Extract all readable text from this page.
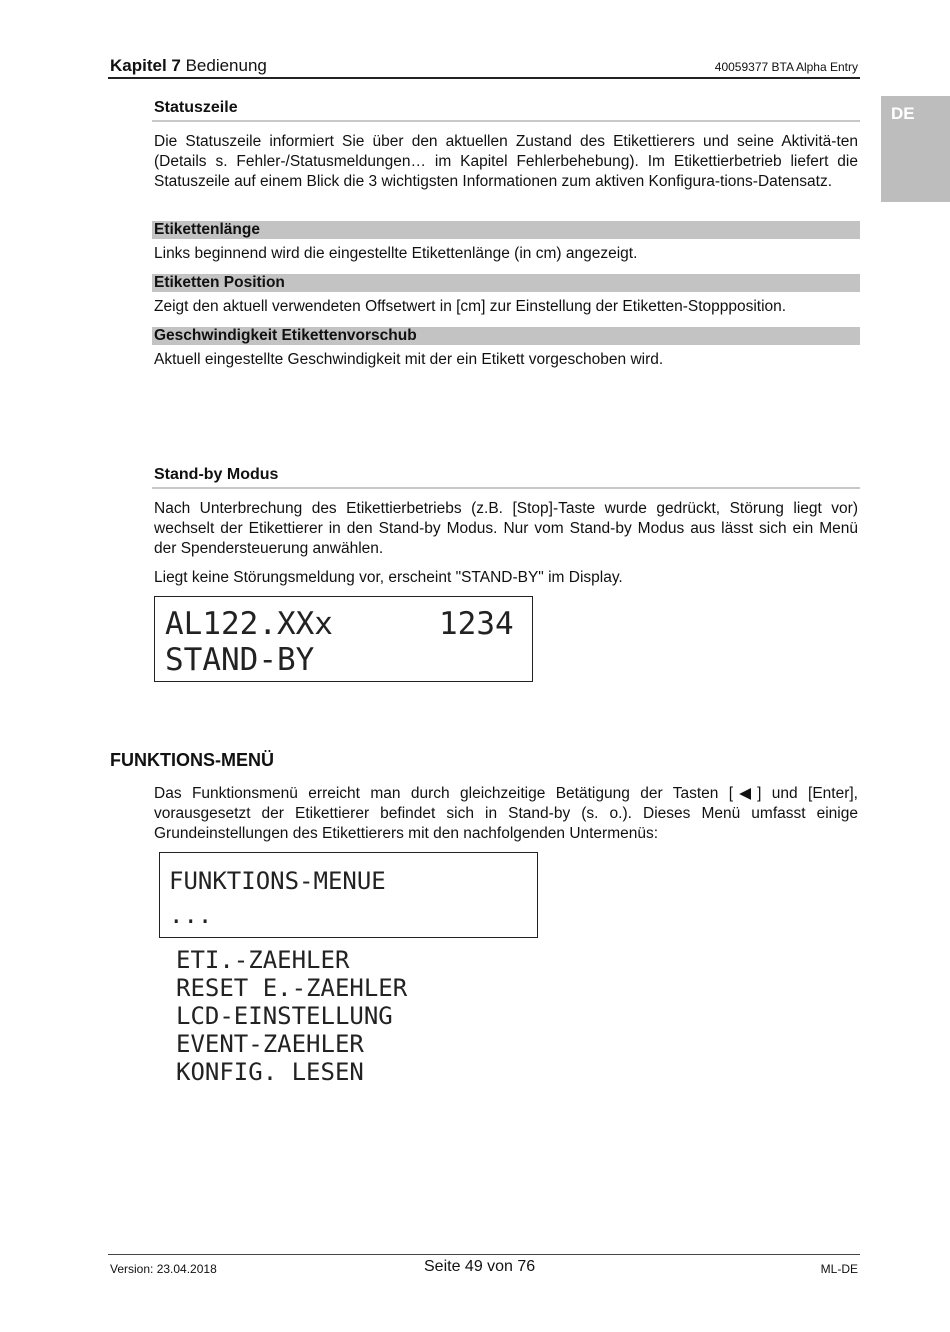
Kapitel 7 Bedienung	40059377 BTA Alpha Entry
DE
Statuszeile
Die Statuszeile informiert Sie über den aktuellen Zustand des Etikettierers und seine Aktivitä-ten (Details s. Fehler-/Statusmeldungen… im Kapitel Fehlerbehebung). Im Etikettierbetrieb liefert die Statuszeile auf einem Blick die 3 wichtigsten Informationen zum aktiven Konfigura-tions-Datensatz.
Etikettenlänge
Links beginnend wird die eingestellte Etikettenlänge (in cm) angezeigt.
Etiketten Position
Zeigt den aktuell verwendeten Offsetwert in [cm] zur Einstellung der Etiketten-Stoppposition.
Geschwindigkeit Etikettenvorschub
Aktuell eingestellte Geschwindigkeit mit der ein Etikett vorgeschoben wird.
Stand-by Modus
Nach Unterbrechung des Etikettierbetriebs (z.B. [Stop]-Taste wurde gedrückt, Störung liegt vor) wechselt der Etikettierer in den Stand-by Modus. Nur vom Stand-by Modus aus lässt sich ein Menü der Spendersteuerung anwählen.
Liegt keine Störungsmeldung vor, erscheint "STAND-BY" im Display.
AL122.XXx	1234
STAND-BY
FUNKTIONS-MENÜ
Das Funktionsmenü erreicht man durch gleichzeitige Betätigung der Tasten [◀] und [Enter], vorausgesetzt der Etikettierer befindet sich in Stand-by (s. o.). Dieses Menü umfasst einige Grundeinstellungen des Etikettierers mit den nachfolgenden Untermenüs:
FUNKTIONS-MENUE
...
ETI.-ZAEHLER
RESET E.-ZAEHLER
LCD-EINSTELLUNG
EVENT-ZAEHLER
KONFIG. LESEN
Version: 23.04.2018	Seite 49 von 76	ML-DE
